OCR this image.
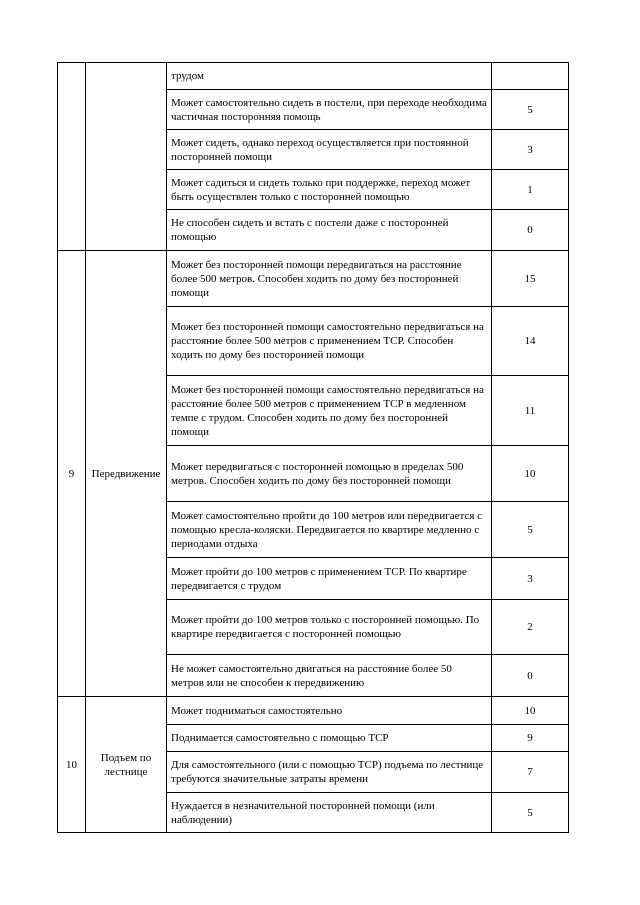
		трудом	
		Может самостоятельно сидеть в постели, при переходе необходима частичная посторонняя помощь	5
		Может сидеть, однако переход осуществляется при постоянной посторонней помощи	3
		Может садиться и сидеть только при поддержке, переход может быть осуществлен только с посторонней помощью	1
		Не способен сидеть и встать с постели даже с посторонней помощью	0
9	Передвижение	Может без посторонней помощи передвигаться на расстояние более 500 метров. Способен ходить по дому без посторонней помощи	15
		Может без посторонней помощи самостоятельно передвигаться на расстояние более 500 метров с применением ТСР. Способен ходить по дому без посторонней помощи	14
		Может без посторонней помощи самостоятельно передвигаться на расстояние более 500 метров с применением ТСР в медленном темпе с трудом. Способен ходить по дому без посторонней помощи	11
		Может передвигаться с посторонней помощью в пределах 500 метров. Способен ходить по дому без посторонней помощи	10
		Может самостоятельно пройти до 100 метров или передвигается с помощью кресла-коляски. Передвигается по квартире медленно с периодами отдыха	5
		Может пройти до 100 метров с применением ТСР. По квартире передвигается с трудом	3
		Может пройти до 100 метров только с посторонней помощью. По квартире передвигается с посторонней помощью	2
		Не может самостоятельно двигаться на расстояние более 50 метров или не способен к передвижению	0
10	Подъем по лестнице	Может подниматься самостоятельно	10
		Поднимается самостоятельно с помощью ТСР	9
		Для самостоятельного (или с помощью ТСР) подъема по лестнице требуются значительные затраты времени	7
		Нуждается в незначительной посторонней помощи (или наблюдении)	5
